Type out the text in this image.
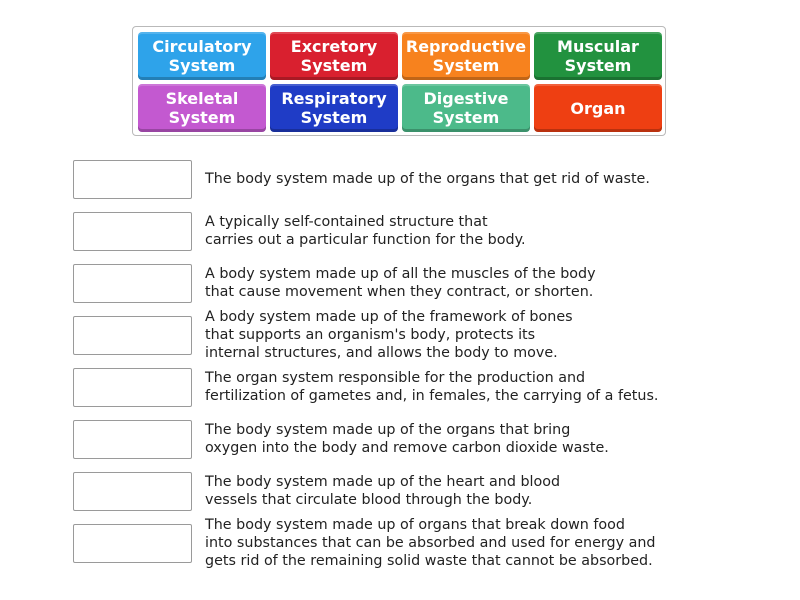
Circulatory
System
Excretory
System
Reproductive
System
Muscular
System
Skeletal
System
Respiratory
System
Digestive
System	Organ
The body system made up of the organs that get rid of waste.
A typically self-contained structure that
carries out a particular function for the body.
A body system made up of all the muscles of the body
that cause movement when they contract, or shorten.
A body system made up of the framework of bones
that supports an organism's body, protects its
internal structures, and allows the body to move.
The organ system responsible for the production and
fertilization of gametes and, in females, the carrying of a fetus.
The body system made up of the organs that bring
oxygen into the body and remove carbon dioxide waste.
The body system made up of the heart and blood
vessels that circulate blood through the body.
The body system made up of organs that break down food
into substances that can be absorbed and used for energy and
gets rid of the remaining solid waste that cannot be absorbed.
